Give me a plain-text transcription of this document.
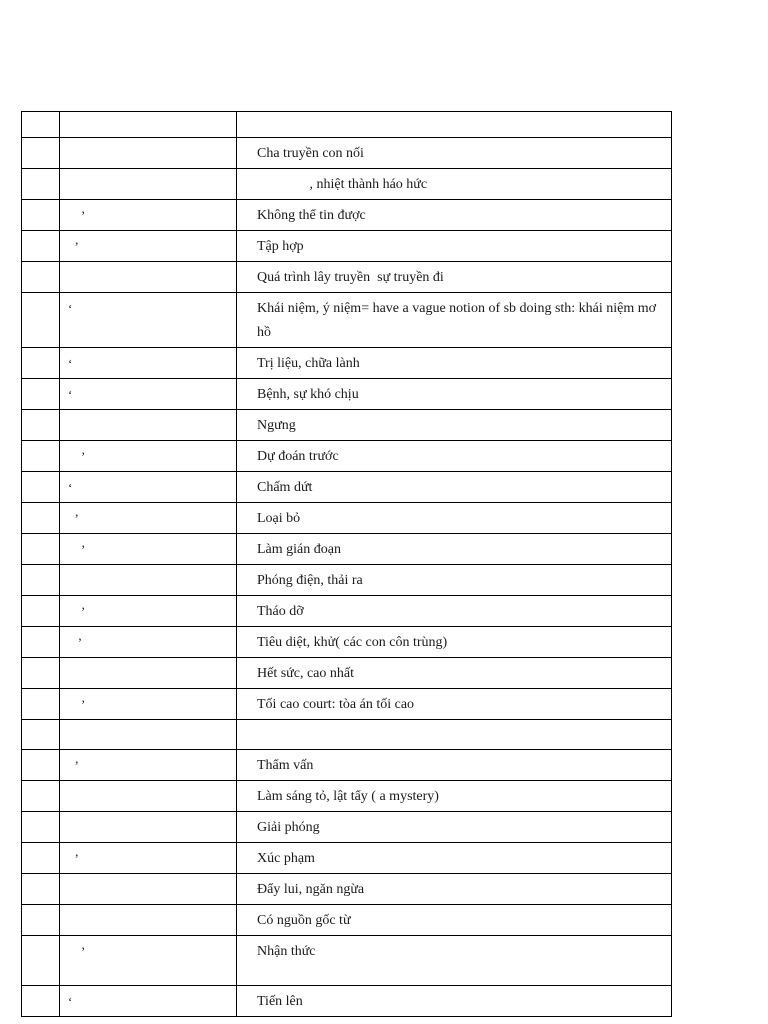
		Cha truyền con nối
		, nhiệt thành háo hức
	’	Không thể tin được
	’	Tập hợp
		Quá trình lây truyền  sự truyền đi
	‘	Khái niệm, ý niệm= have a vague notion of sb doing sth: khái niệm mơ hồ
	‘	Trị liệu, chữa lành
	‘	Bệnh, sự khó chịu
		Ngưng
	’	Dự đoán trước
	‘	Chấm dứt
	’	Loại bỏ
	’	Làm gián đoạn
		Phóng điện, thải ra
	’	Tháo dỡ
	’	Tiêu diệt, khử( các con côn trùng)
		Hết sức, cao nhất
	’	Tối cao court: tòa án tối cao

	’	Thẩm vấn
		Làm sáng tỏ, lật tẩy ( a mystery)
		Giải phóng
	’	Xúc phạm
		Đẩy lui, ngăn ngừa
		Có nguồn gốc từ
	’	Nhận thức
	‘	Tiến lên
